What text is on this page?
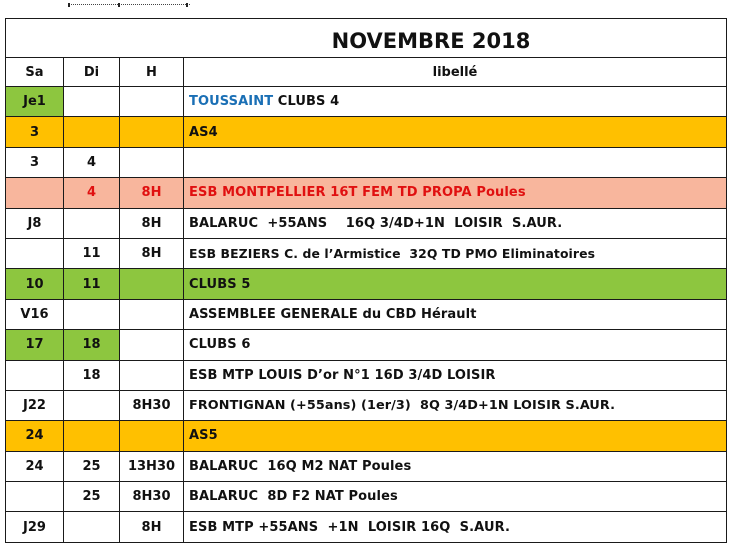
NOVEMBRE 2018			
Sa	Di	H	libellé
Je1			TOUSSAINT CLUBS 4
3			AS4
3	4		
	4	8H	ESB MONTPELLIER 16T FEM TD PROPA Poules
J8		8H	BALARUC  +55ANS    16Q 3/4D+1N  LOISIR  S.AUR.
	11	8H	ESB BEZIERS C. de l’Armistice  32Q TD PMO Eliminatoires
10	11		CLUBS 5
V16			ASSEMBLEE GENERALE du CBD Hérault
17	18		CLUBS 6
	18		ESB MTP LOUIS D’or N°1 16D 3/4D LOISIR
J22		8H30	FRONTIGNAN (+55ans) (1er/3)  8Q 3/4D+1N LOISIR S.AUR.
24			AS5
24	25	13H30	BALARUC  16Q M2 NAT Poules
	25	8H30	BALARUC  8D F2 NAT Poules
J29		8H	ESB MTP +55ANS  +1N  LOISIR 16Q  S.AUR.
